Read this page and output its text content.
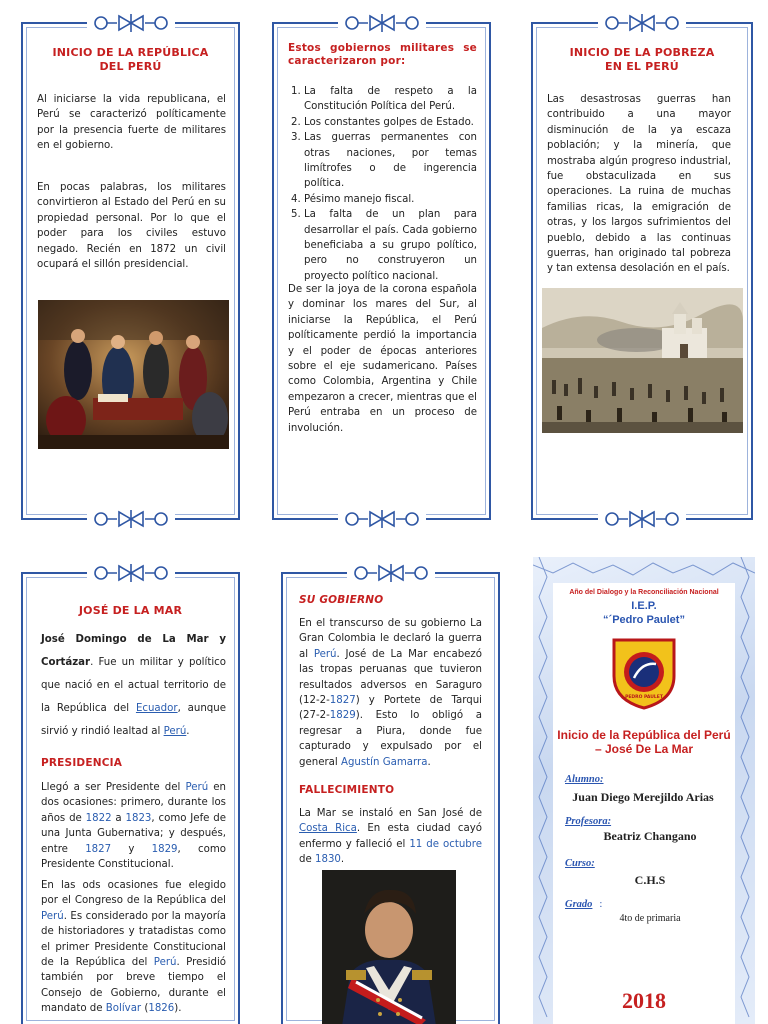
INICIO DE LA REPÚBLICA
DEL PERÚ

Al iniciarse la vida republicana, el Perú se caracterizó políticamente por la presencia fuerte de militares en el gobierno.

En pocas palabras, los militares convirtieron al Estado del Perú en su propiedad personal. Por lo que el poder para los civiles estuvo negado. Recién en 1872 un civil ocupará el sillón presidencial.

Estos gobiernos militares se caracterizaron por:
1. La falta de respeto a la Constitución Política del Perú.
2. Los constantes golpes de Estado.
3. Las guerras permanentes con otras naciones, por temas limítrofes o de ingerencia política.
4. Pésimo manejo fiscal.
5. La falta de un plan para desarrollar el país. Cada gobierno beneficiaba a su grupo político, pero no construyeron un proyecto político nacional.

De ser la joya de la corona española y dominar los mares del Sur, al iniciarse la República, el Perú políticamente perdió la importancia y el poder de épocas anteriores sobre el eje sudamericano. Países como Colombia, Argentina y Chile empezaron a crecer, mientras que el Perú entraba en un proceso de involución.

INICIO DE LA POBREZA
EN EL PERÚ

Las desastrosas guerras han contribuido a una mayor disminución de la ya escaza población; y la minería, que mostraba algún progreso industrial, fue obstaculizada en sus operaciones. La ruina de muchas familias ricas, la emigración de otras, y los largos sufrimientos del pueblo, debido a las continuas guerras, han originado tal pobreza y tan extensa desolación en el país.

JOSÉ DE LA MAR

José Domingo de La Mar y Cortázar. Fue un militar y político que nació en el actual territorio de la República del Ecuador, aunque sirvió y rindió lealtad al Perú.

PRESIDENCIA

Llegó a ser Presidente del Perú en dos ocasiones: primero, durante los años de 1822 a 1823, como Jefe de una Junta Gubernativa; y después, entre 1827 y 1829, como Presidente Constitucional.

En las ods ocasiones fue elegido por el Congreso de la República del Perú. Es considerado por la mayoría de historiadores y tratadistas como el primer Presidente Constitucional de la República del Perú. Presidió también por breve tiempo el Consejo de Gobierno, durante el mandato de Bolívar (1826).

SU GOBIERNO

En el transcurso de su gobierno La Gran Colombia le declaró la guerra al Perú. José de La Mar encabezó las tropas peruanas que tuvieron resultados adversos en Saraguro (12-2-1827) y Portete de Tarqui (27-2-1829). Esto lo obligó a regresar a Piura, donde fue capturado y expulsado por el general Agustín Gamarra.

FALLECIMIENTO

La Mar se instaló en San José de Costa Rica. En esta ciudad cayó enfermo y falleció el 11 de octubre de 1830.

Año del Dialogo y la Reconciliación Nacional
I.E.P.
“´Pedro Paulet”
PEDRO PAULET
Inicio de la República del Perú – José De La Mar
Alumno:
Juan Diego Merejildo Arias
Profesora:
Beatriz Changano
Curso:
C.H.S
Grado :
4to de primaria
2018
